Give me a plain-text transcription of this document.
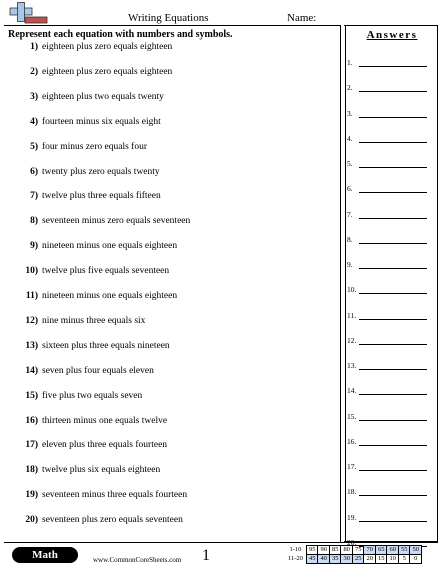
Writing Equations	Name:
Represent each equation with numbers and symbols.
1) eighteen plus zero equals eighteen
2) eighteen plus zero equals eighteen
3) eighteen plus two equals twenty
4) fourteen minus six equals eight
5) four minus zero equals four
6) twenty plus zero equals twenty
7) twelve plus three equals fifteen
8) seventeen minus zero equals seventeen
9) nineteen minus one equals eighteen
10) twelve plus five equals seventeen
11) nineteen minus one equals eighteen
12) nine minus three equals six
13) sixteen plus three equals nineteen
14) seven plus four equals eleven
15) five plus two equals seven
16) thirteen minus one equals twelve
17) eleven plus three equals fourteen
18) twelve plus six equals eighteen
19) seventeen minus three equals fourteen
20) seventeen plus zero equals seventeen
Answers
1.
2.
3.
4.
5.
6.
7.
8.
9.
10.
11.
12.
13.
14.
15.
16.
17.
18.
19.
20.
Math	www.CommonCoreSheets.com 1	1-10	95	90	85	80	75	70	65	60	55	50
11-20	45	40	35	30	25	20	15	10	5	0
